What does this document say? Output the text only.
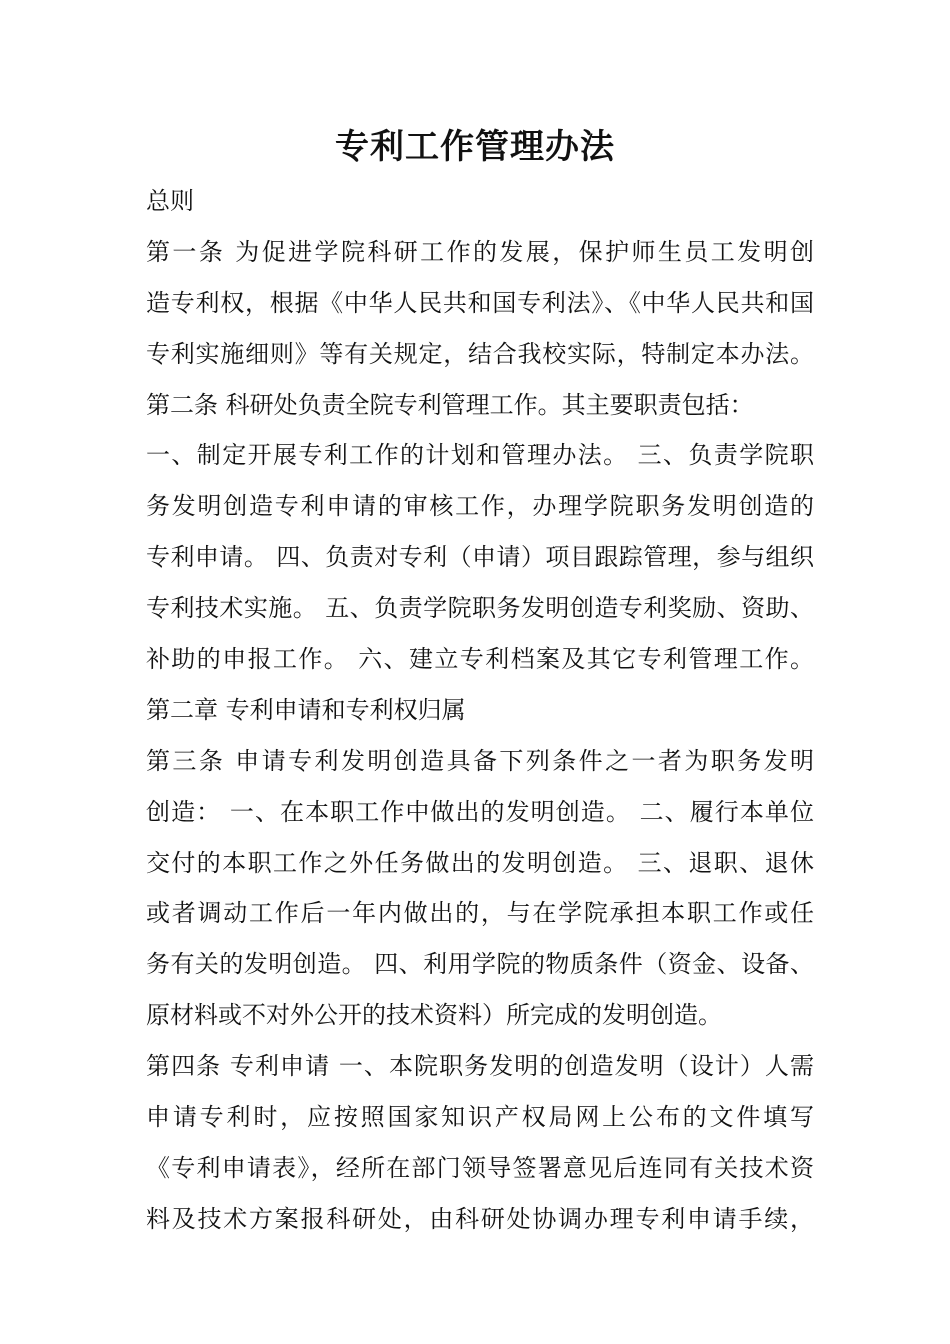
专利工作管理办法

总则

第一条 为促进学院科研工作的发展，保护师生员工发明创

造专利权，根据《中华人民共和国专利法》、《中华人民共和国

专利实施细则》等有关规定，结合我校实际，特制定本办法。

第二条 科研处负责全院专利管理工作。其主要职责包括：

一、制定开展专利工作的计划和管理办法。 三、负责学院职

务发明创造专利申请的审核工作，办理学院职务发明创造的

专利申请。 四、负责对专利（申请）项目跟踪管理，参与组织

专利技术实施。 五、负责学院职务发明创造专利奖励、资助、

补助的申报工作。 六、建立专利档案及其它专利管理工作。

第二章 专利申请和专利权归属

第三条 申请专利发明创造具备下列条件之一者为职务发明

创造： 一、在本职工作中做出的发明创造。 二、履行本单位

交付的本职工作之外任务做出的发明创造。 三、退职、退休

或者调动工作后一年内做出的，与在学院承担本职工作或任

务有关的发明创造。 四、利用学院的物质条件（资金、设备、

原材料或不对外公开的技术资料）所完成的发明创造。

第四条 专利申请 一、本院职务发明的创造发明（设计）人需

申请专利时，应按照国家知识产权局网上公布的文件填写

《专利申请表》，经所在部门领导签署意见后连同有关技术资

料及技术方案报科研处，由科研处协调办理专利申请手续，
